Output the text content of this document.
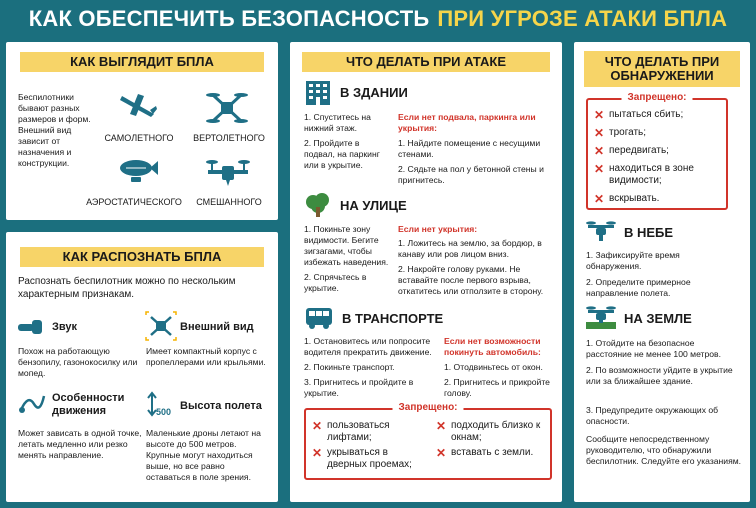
КАК ОБЕСПЕЧИТЬ БЕЗОПАСНОСТЬ ПРИ УГРОЗЕ АТАКИ БПЛА
КАК ВЫГЛЯДИТ БПЛА
Беспилотники бывают разных размеров и форм. Внешний вид зависит от назначения и конструкции.
САМОЛЕТНОГО	ВЕРТОЛЕТНОГО
АЭРОСТАТИЧЕСКОГО	СМЕШАННОГО
КАК РАСПОЗНАТЬ БПЛА
Распознать беспилотник можно по нескольким характерным признакам.
Звук
Похож на работающую бензопилу, газонокосилку или мопед.
Внешний вид
Имеет компактный корпус с пропеллерами или крыльями.
Особенности движения
Может зависать в одной точке, летать медленно или резко менять направление.
500 Высота полета
Маленькие дроны летают на высоте до 500 метров. Крупные могут находиться выше, но все равно оставаться в поле зрения.
ЧТО ДЕЛАТЬ ПРИ АТАКЕ
В ЗДАНИИ
1. Спуститесь на нижний этаж.
2. Пройдите в подвал, на паркинг или в укрытие.
Если нет подвала, паркинга или укрытия:
1. Найдите помещение с несущими стенами.
2. Сядьте на пол у бетонной стены и пригнитесь.
НА УЛИЦЕ
1. Покиньте зону видимости. Бегите зигзагами, чтобы избежать наведения.
2. Спрячьтесь в укрытие.
Если нет укрытия:
1. Ложитесь на землю, за бордюр, в канаву или ров лицом вниз.
2. Накройте голову руками. Не вставайте после первого взрыва, откатитесь или отползите в сторону.
В ТРАНСПОРТЕ
1. Остановитесь или попросите водителя прекратить движение.
2. Покиньте транспорт.
3. Пригнитесь и пройдите в укрытие.
Если нет возможности покинуть автомобиль:
1. Отодвиньтесь от окон.
2. Пригнитесь и прикройте голову.
Запрещено:
✕ пользоваться лифтами;
✕ укрываться в дверных проемах;
✕ подходить близко к окнам;
✕ вставать с земли.
ЧТО ДЕЛАТЬ ПРИ ОБНАРУЖЕНИИ
Запрещено:
✕ пытаться сбить;
✕ трогать;
✕ передвигать;
✕ находиться в зоне видимости;
✕ вскрывать.
В НЕБЕ
1. Зафиксируйте время обнаружения.
2. Определите примерное направление полета.
НА ЗЕМЛЕ
1. Отойдите на безопасное расстояние не менее 100 метров.
2. По возможности уйдите в укрытие или за ближайшее здание.
3. Предупредите окружающих об опасности.
Сообщите непосредственному руководителю, что обнаружили беспилотник. Следуйте его указаниям.
